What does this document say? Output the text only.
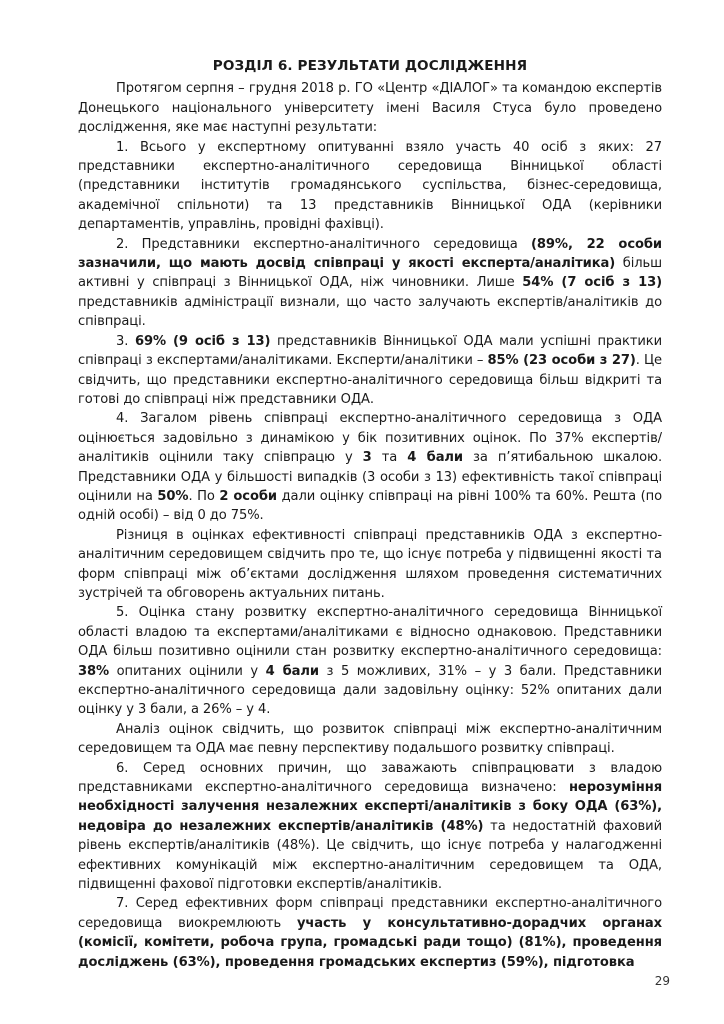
РОЗДІЛ 6. РЕЗУЛЬТАТИ ДОСЛІДЖЕННЯ

Протягом серпня – грудня 2018 р. ГО «Центр «ДІАЛОГ» та командою експертів Донецького національного університету імені Василя Стуса було проведено дослідження, яке має наступні результати:

1. Всього у експертному опитуванні взяло участь 40 осіб з яких: 27 представники експертно-аналітичного середовища Вінницької області (представники інститутів громадянського суспільства, бізнес-середовища, академічної спільноти) та 13 представників Вінницької ОДА (керівники департаментів, управлінь, провідні фахівці).

2. Представники експертно-аналітичного середовища (89%, 22 особи зазначили, що мають досвід співпраці у якості експерта/аналітика) більш активні у співпраці з Вінницької ОДА, ніж чиновники. Лише 54% (7 осіб з 13) представників адміністрації визнали, що часто залучають експертів/аналітиків до співпраці.

3. 69% (9 осіб з 13) представників Вінницької ОДА мали успішні практики співпраці з експертами/аналітиками. Експерти/аналітики – 85% (23 особи з 27). Це свідчить, що представники експертно-аналітичного середовища більш відкриті та готові до співпраці ніж представники ОДА.

4. Загалом рівень співпраці експертно-аналітичного середовища з ОДА оцінюється задовільно з динамікою у бік позитивних оцінок. По 37% експертів/аналітиків оцінили таку співпрацю у 3 та 4 бали за п’ятибальною шкалою. Представники ОДА у більшості випадків (3 особи з 13) ефективність такої співпраці оцінили на 50%. По 2 особи дали оцінку співпраці на рівні 100% та 60%. Решта (по одній особі) – від 0 до 75%.

Різниця в оцінках ефективності співпраці представників ОДА з експертно-аналітичним середовищем свідчить про те, що існує потреба у підвищенні якості та форм співпраці між об’єктами дослідження шляхом проведення систематичних зустрічей та обговорень актуальних питань.

5. Оцінка стану розвитку експертно-аналітичного середовища Вінницької області владою та експертами/аналітиками є відносно однаковою. Представники ОДА більш позитивно оцінили стан розвитку експертно-аналітичного середовища: 38% опитаних оцінили у 4 бали з 5 можливих, 31% – у 3 бали. Представники експертно-аналітичного середовища дали задовільну оцінку: 52% опитаних дали оцінку у 3 бали, а 26% – у 4.

Аналіз оцінок свідчить, що розвиток співпраці між експертно-аналітичним середовищем та ОДА має певну перспективу подальшого розвитку співпраці.

6. Серед основних причин, що заважають співпрацювати з владою представниками експертно-аналітичного середовища визначено: нерозуміння необхідності залучення незалежних експерті/аналітиків з боку ОДА (63%), недовіра до незалежних експертів/аналітиків (48%) та недостатній фаховий рівень експертів/аналітиків (48%). Це свідчить, що існує потреба у налагодженні ефективних комунікацій між експертно-аналітичним середовищем та ОДА, підвищенні фахової підготовки експертів/аналітиків.

7. Серед ефективних форм співпраці представники експертно-аналітичного середовища виокремлюють участь у консультативно-дорадчих органах (комісії, комітети, робоча група, громадські ради тощо) (81%), проведення досліджень (63%), проведення громадських експертиз (59%), підготовка

29
